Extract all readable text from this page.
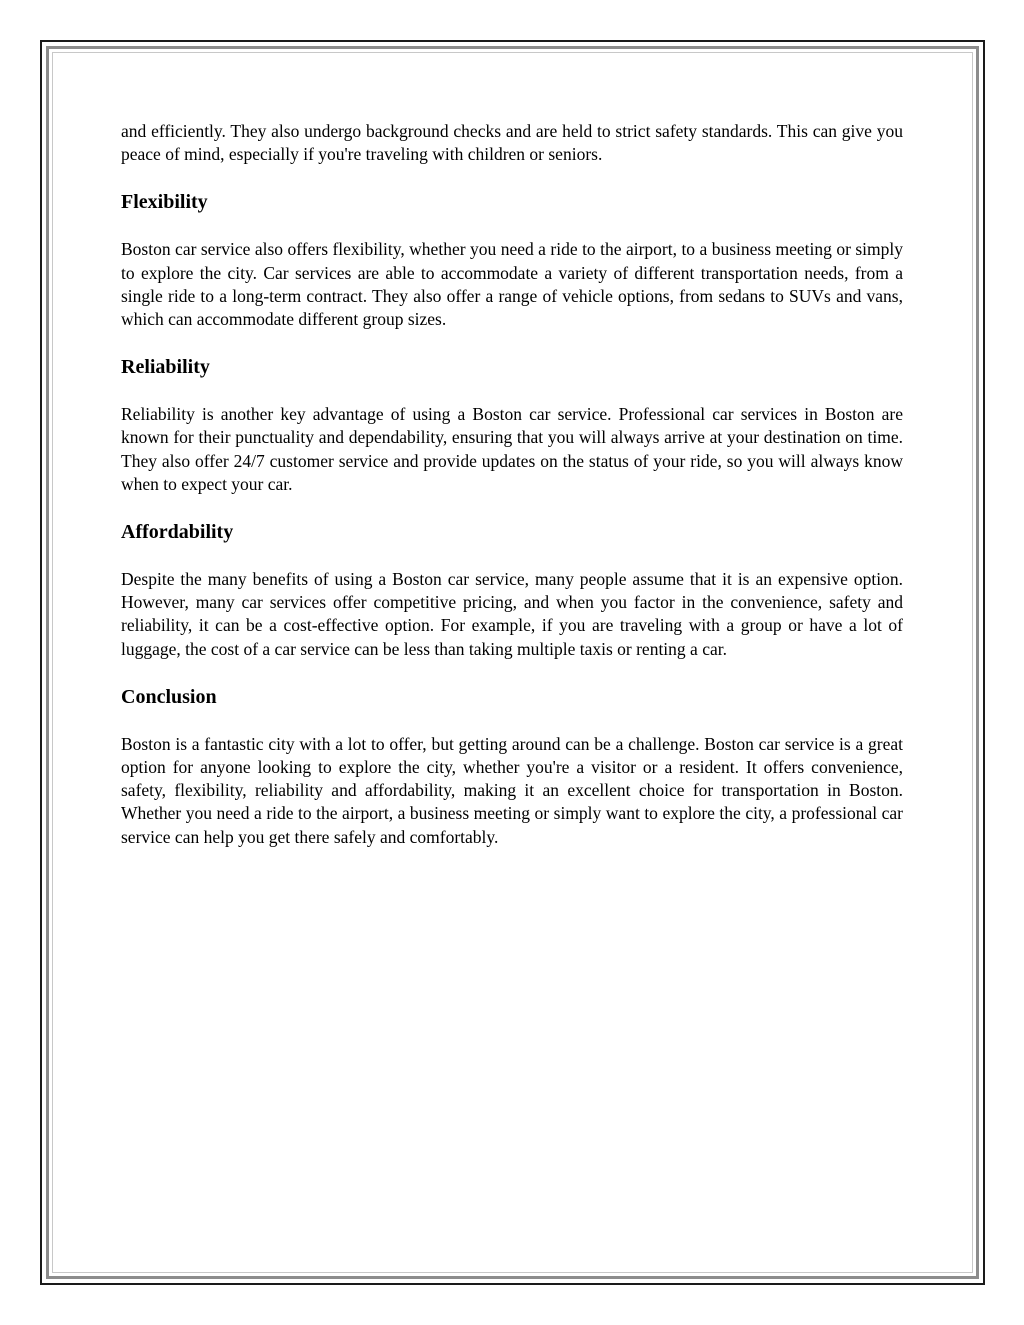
and efficiently. They also undergo background checks and are held to strict safety standards. This can give you peace of mind, especially if you're traveling with children or seniors.

Flexibility

Boston car service also offers flexibility, whether you need a ride to the airport, to a business meeting or simply to explore the city. Car services are able to accommodate a variety of different transportation needs, from a single ride to a long-term contract. They also offer a range of vehicle options, from sedans to SUVs and vans, which can accommodate different group sizes.

Reliability

Reliability is another key advantage of using a Boston car service. Professional car services in Boston are known for their punctuality and dependability, ensuring that you will always arrive at your destination on time. They also offer 24/7 customer service and provide updates on the status of your ride, so you will always know when to expect your car.

Affordability

Despite the many benefits of using a Boston car service, many people assume that it is an expensive option. However, many car services offer competitive pricing, and when you factor in the convenience, safety and reliability, it can be a cost-effective option. For example, if you are traveling with a group or have a lot of luggage, the cost of a car service can be less than taking multiple taxis or renting a car.

Conclusion

Boston is a fantastic city with a lot to offer, but getting around can be a challenge. Boston car service is a great option for anyone looking to explore the city, whether you're a visitor or a resident. It offers convenience, safety, flexibility, reliability and affordability, making it an excellent choice for transportation in Boston. Whether you need a ride to the airport, a business meeting or simply want to explore the city, a professional car service can help you get there safely and comfortably.
